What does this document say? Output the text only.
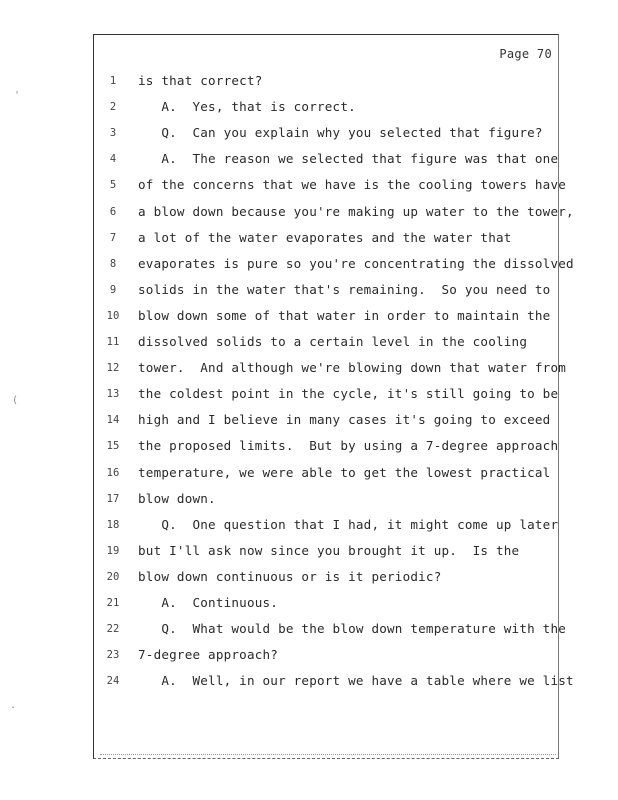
Page 70
1	is that correct?
2	A.  Yes, that is correct.
3	Q.  Can you explain why you selected that figure?
4	A.  The reason we selected that figure was that one
5	of the concerns that we have is the cooling towers have
6	a blow down because you're making up water to the tower,
7	a lot of the water evaporates and the water that
8	evaporates is pure so you're concentrating the dissolved
9	solids in the water that's remaining.  So you need to
10	blow down some of that water in order to maintain the
11	dissolved solids to a certain level in the cooling
12	tower.  And although we're blowing down that water from
13	the coldest point in the cycle, it's still going to be
14	high and I believe in many cases it's going to exceed
15	the proposed limits.  But by using a 7-degree approach
16	temperature, we were able to get the lowest practical
17	blow down.
18	Q.  One question that I had, it might come up later
19	but I'll ask now since you brought it up.  Is the
20	blow down continuous or is it periodic?
21	A.  Continuous.
22	Q.  What would be the blow down temperature with the
23	7-degree approach?
24	A.  Well, in our report we have a table where we list
'
(
.
